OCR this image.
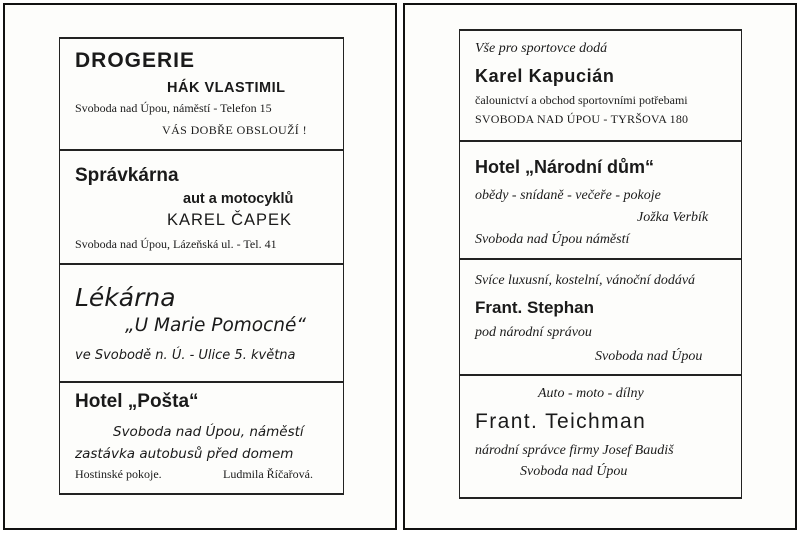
DROGERIE
HÁK VLASTIMIL
Svoboda nad Úpou, náměstí - Telefon 15
VÁS DOBŘE OBSLOUŽÍ !
Správkárna
aut a motocyklů
KAREL ČAPEK
Svoboda nad Úpou, Lázeňská ul. - Tel. 41
Lékárna
„U Marie Pomocné“
ve Svobodě n. Ú. - Ulice 5. května
Hotel „Pošta“
Svoboda nad Úpou, náměstí
zastávka autobusů před domem
Hostinské pokoje.	Ludmila Říčařová.
Vše pro sportovce dodá
Karel Kapucián
čalounictví a obchod sportovními potřebami
SVOBODA NAD ÚPOU - TYRŠOVA 180
Hotel „Národní dům“
obědy - snídaně - večeře - pokoje
Jožka Verbík
Svoboda nad Úpou náměstí
Svíce luxusní, kostelní, vánoční dodává
Frant. Stephan
pod národní správou
Svoboda nad Úpou
Auto - moto - dílny
Frant. Teichman
národní správce firmy Josef Baudiš
Svoboda nad Úpou
